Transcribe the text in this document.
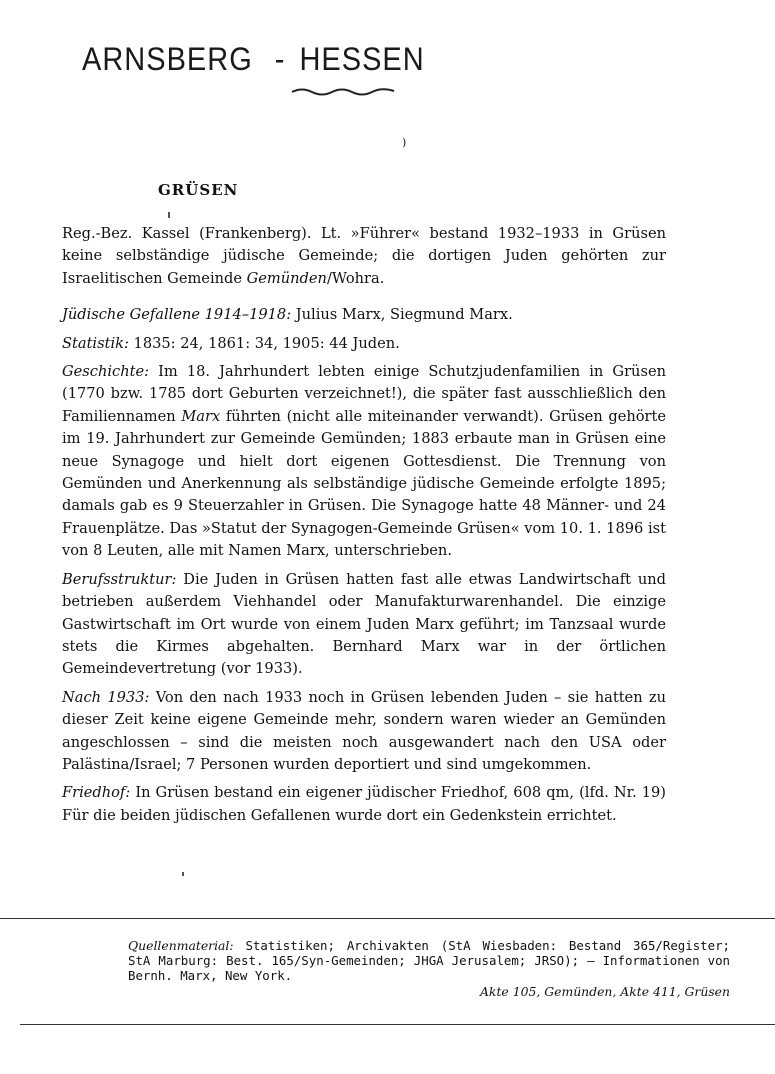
ARNSBERG - HESSEN
)
GRÜSEN

Reg.-Bez. Kassel (Frankenberg). Lt. »Führer« bestand 1932–1933 in Grüsen keine selbständige jüdische Gemeinde; die dortigen Juden gehörten zur Israelitischen Gemeinde Gemünden/Wohra.

Jüdische Gefallene 1914–1918: Julius Marx, Siegmund Marx.

Statistik: 1835: 24, 1861: 34, 1905: 44 Juden.

Geschichte: Im 18. Jahrhundert lebten einige Schutzjudenfamilien in Grüsen (1770 bzw. 1785 dort Geburten verzeichnet!), die später fast ausschließlich den Familiennamen Marx führten (nicht alle miteinander verwandt). Grüsen gehörte im 19. Jahrhundert zur Gemeinde Gemünden; 1883 erbaute man in Grüsen eine neue Synagoge und hielt dort eigenen Gottesdienst. Die Trennung von Gemünden und Anerkennung als selbständige jüdische Gemeinde erfolgte 1895; damals gab es 9 Steuerzahler in Grüsen. Die Synagoge hatte 48 Männer- und 24 Frauenplätze. Das »Statut der Synagogen-Gemeinde Grüsen« vom 10. 1. 1896 ist von 8 Leuten, alle mit Namen Marx, unterschrieben.

Berufsstruktur: Die Juden in Grüsen hatten fast alle etwas Landwirtschaft und betrieben außerdem Viehhandel oder Manufakturwarenhandel. Die einzige Gastwirtschaft im Ort wurde von einem Juden Marx geführt; im Tanzsaal wurde stets die Kirmes abgehalten. Bernhard Marx war in der örtlichen Gemeindevertretung (vor 1933).

Nach 1933: Von den nach 1933 noch in Grüsen lebenden Juden – sie hatten zu dieser Zeit keine eigene Gemeinde mehr, sondern waren wieder an Gemünden angeschlossen – sind die meisten noch ausgewandert nach den USA oder Palästina/Israel; 7 Personen wurden deportiert und sind umgekommen.

Friedhof: In Grüsen bestand ein eigener jüdischer Friedhof, 608 qm, (lfd. Nr. 19) Für die beiden jüdischen Gefallenen wurde dort ein Gedenkstein errichtet.

Quellenmaterial: Statistiken; Archivakten (StA Wiesbaden: Bestand 365/Register; StA Marburg: Best. 165/Syn-Gemeinden; JHGA Jerusalem; JRSO); – Informationen von Bernh. Marx, New York.
Akte 105, Gemünden, Akte 411, Grüsen
